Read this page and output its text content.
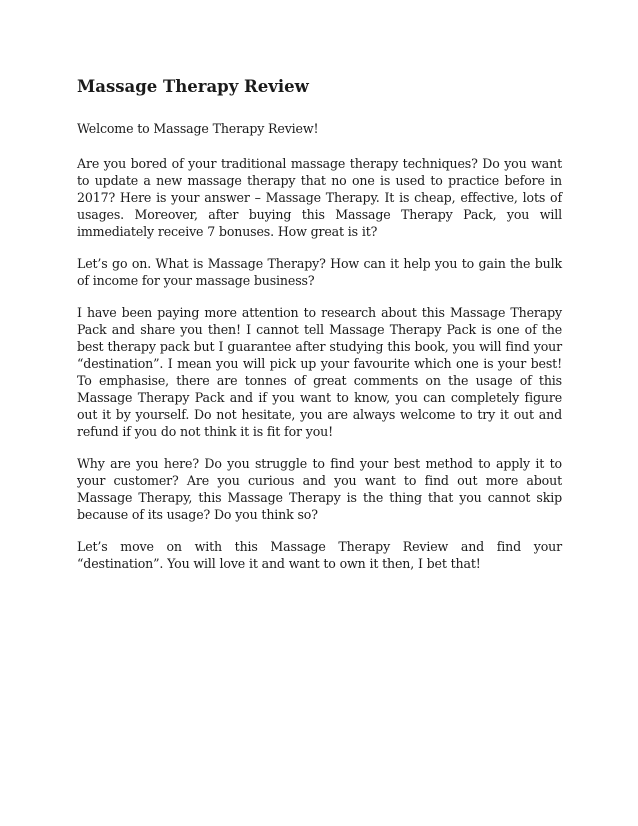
Massage Therapy Review

Welcome to Massage Therapy Review!

Are you bored of your traditional massage therapy techniques? Do you want to update a new massage therapy that no one is used to practice before in 2017? Here is your answer – Massage Therapy. It is cheap, effective, lots of usages. Moreover, after buying this Massage Therapy Pack, you will immediately receive 7 bonuses. How great is it?

Let’s go on. What is Massage Therapy? How can it help you to gain the bulk of income for your massage business?

I have been paying more attention to research about this Massage Therapy Pack and share you then! I cannot tell Massage Therapy Pack is one of the best therapy pack but I guarantee after studying this book, you will find your “destination”. I mean you will pick up your favourite which one is your best! To emphasise, there are tonnes of great comments on the usage of this Massage Therapy Pack and if you want to know, you can completely figure out it by yourself. Do not hesitate, you are always welcome to try it out and refund if you do not think it is fit for you!

Why are you here? Do you struggle to find your best method to apply it to your customer? Are you curious and you want to find out more about Massage Therapy, this Massage Therapy is the thing that you cannot skip because of its usage? Do you think so?

Let’s move on with this Massage Therapy Review and find your “destination”. You will love it and want to own it then, I bet that!
